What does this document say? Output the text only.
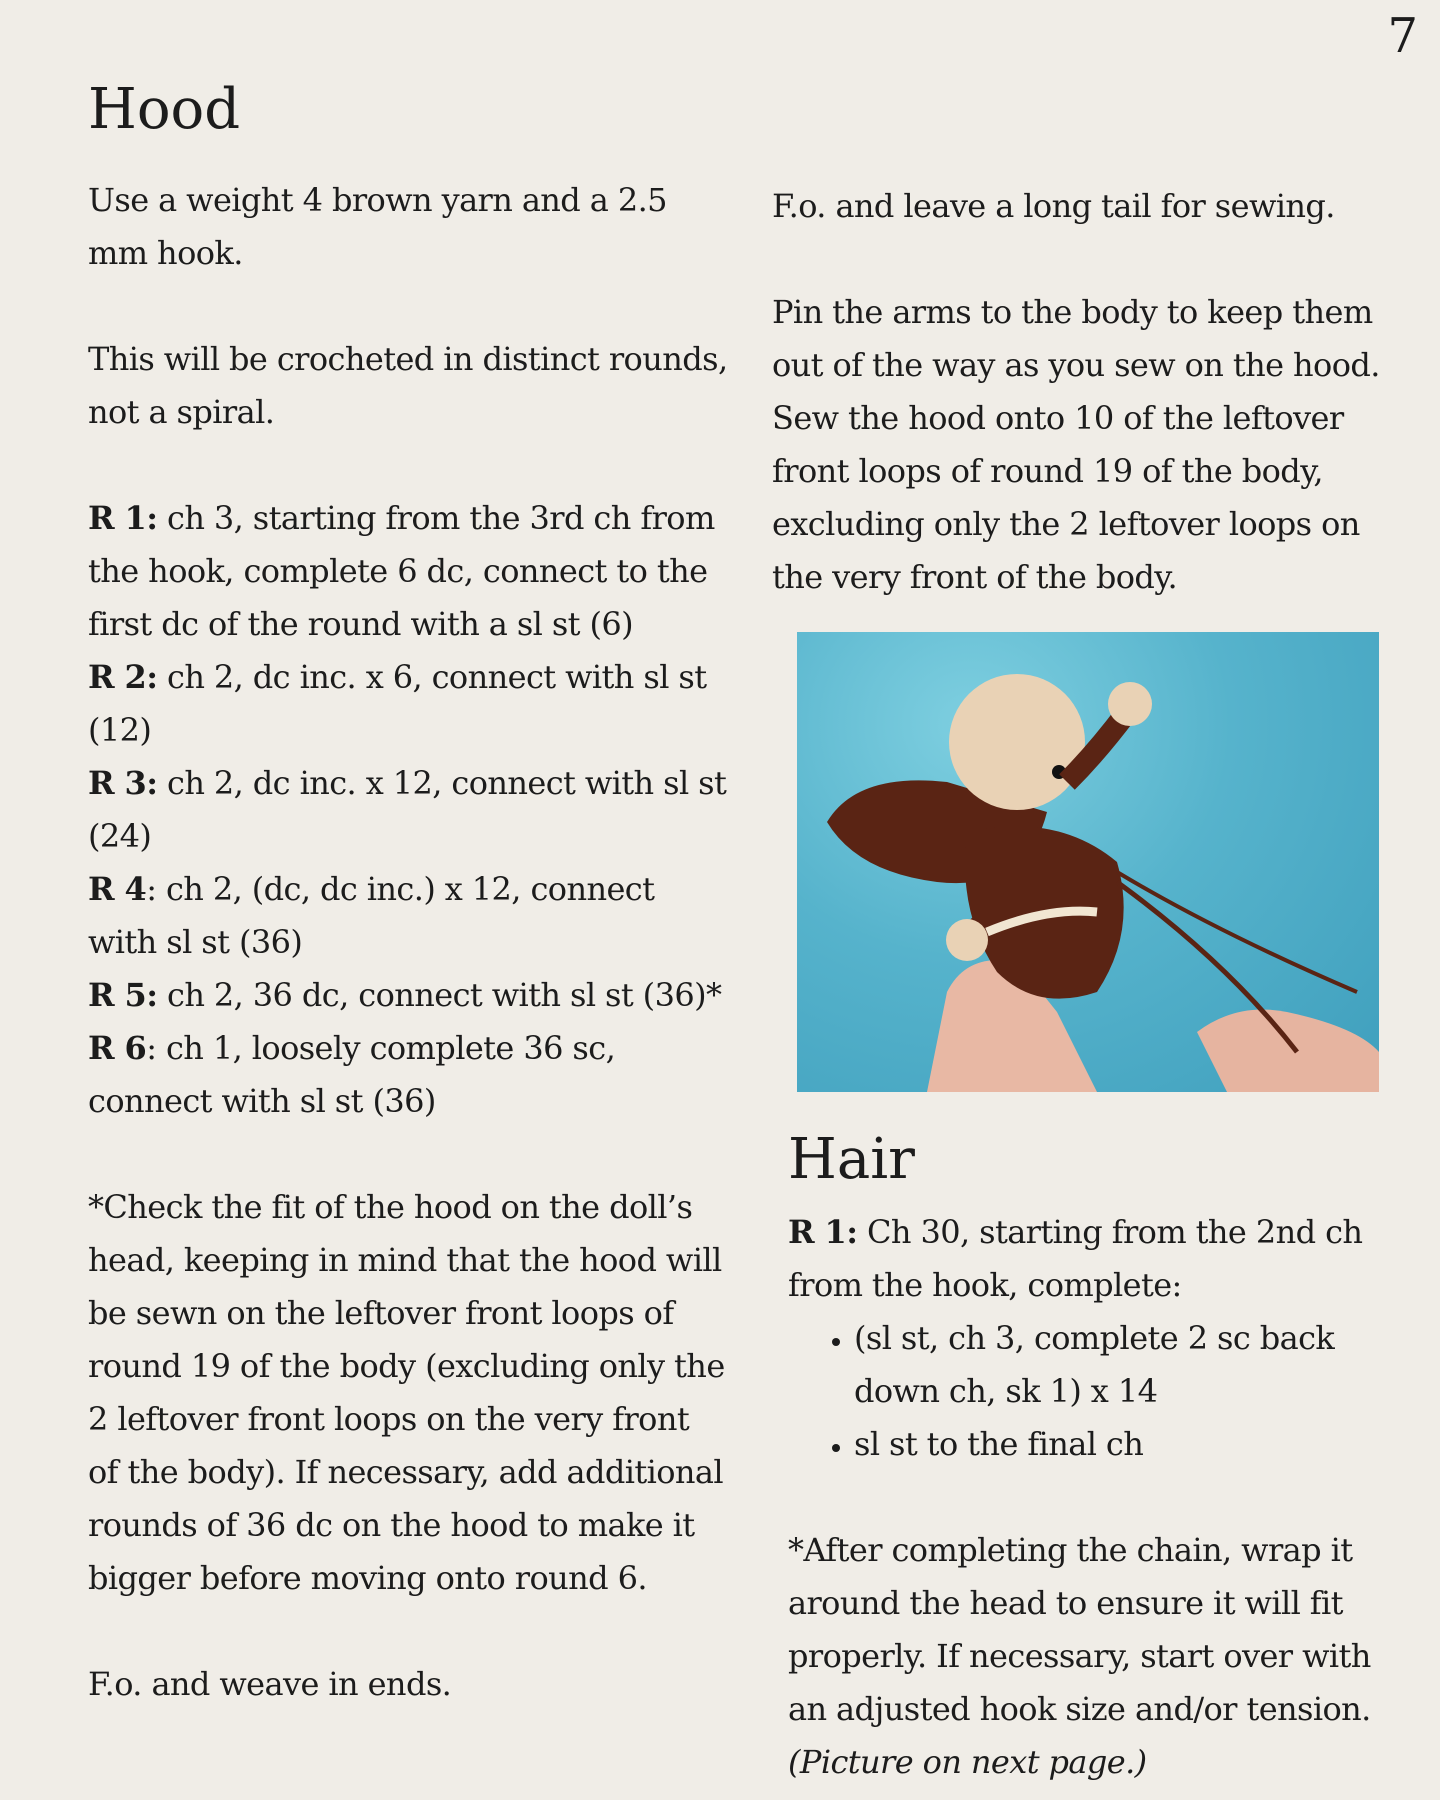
7
Hood

Use a weight 4 brown yarn and a 2.5 mm hook.

This will be crocheted in distinct rounds, not a spiral.

R 1: ch 3, starting from the 3rd ch from the hook, complete 6 dc, connect to the first dc of the round with a sl st (6)

R 2: ch 2, dc inc. x 6, connect with sl st (12)

R 3: ch 2, dc inc. x 12, connect with sl st (24)

R 4: ch 2, (dc, dc inc.) x 12, connect with sl st (36)

R 5: ch 2, 36 dc, connect with sl st (36)*

R 6: ch 1, loosely complete 36 sc, connect with sl st (36)

*Check the fit of the hood on the doll’s head, keeping in mind that the hood will be sewn on the leftover front loops of round 19 of the body (excluding only the 2 leftover front loops on the very front of the body). If necessary, add additional rounds of 36 dc on the hood to make it bigger before moving onto round 6.

F.o. and weave in ends.

F.o. and leave a long tail for sewing.

Pin the arms to the body to keep them out of the way as you sew on the hood. Sew the hood onto 10 of the leftover front loops of round 19 of the body, excluding only the 2 leftover loops on the very front of the body.

Hair

R 1: Ch 30, starting from the 2nd ch from the hook, complete:

• (sl st, ch 3, complete 2 sc back down ch, sk 1) x 14
• sl st to the final ch

*After completing the chain, wrap it around the head to ensure it will fit properly. If necessary, start over with an adjusted hook size and/or tension.
(Picture on next page.)
